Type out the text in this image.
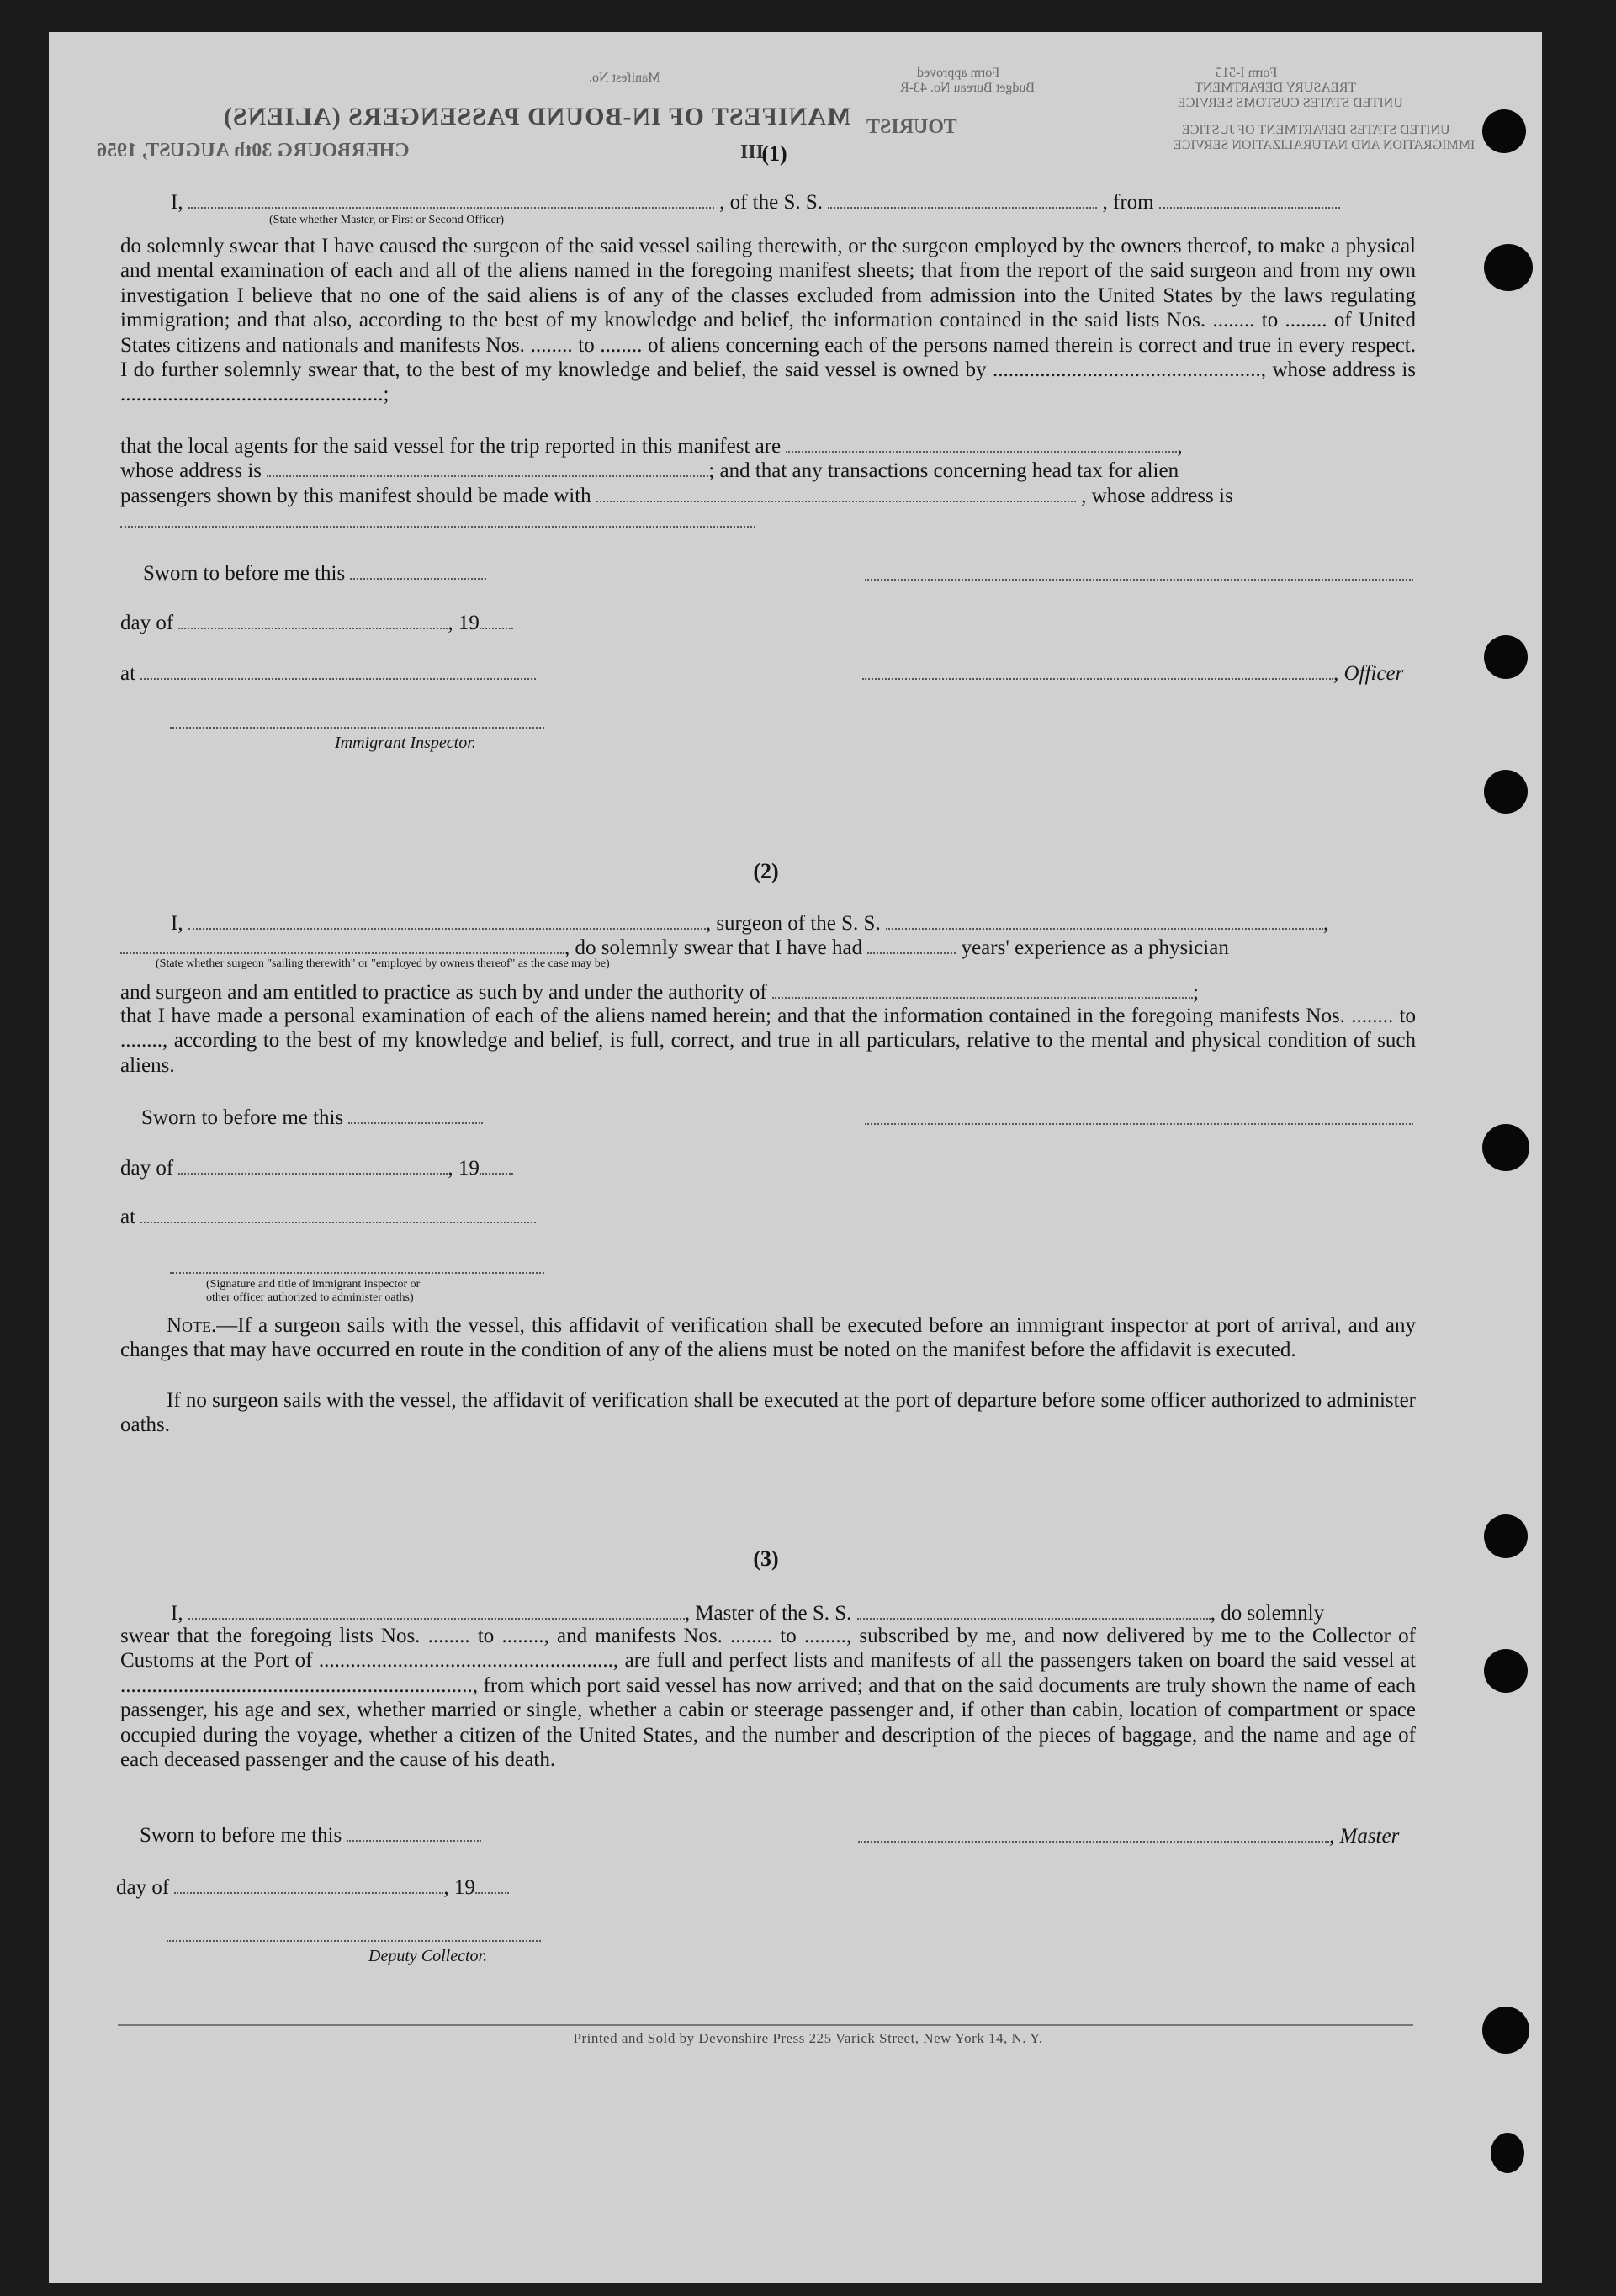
MANIFEST OF IN-BOUND PASSENGERS (ALIENS)
CHERBOURG 30th AUGUST, 1956
Manifest No.
TOURIST
Form approved
Budget Bureau No. 43-R
Form I-515
TREASURY DEPARTMENT
UNITED STATES CUSTOMS SERVICE
UNITED STATES DEPARTMENT OF JUSTICE
IMMIGRATION AND NATURALIZATION SERVICE
III
(1)
I,	, of the S. S.	, from
(State whether Master, or First or Second Officer)
do solemnly swear that I have caused the surgeon of the said vessel sailing therewith, or the surgeon employed by the owners thereof, to make a physical and mental examination of each and all of the aliens named in the foregoing manifest sheets; that from the report of the said surgeon and from my own investigation I believe that no one of the said aliens is of any of the classes excluded from admission into the United States by the laws regulating immigration; and that also, according to the best of my knowledge and belief, the information contained in the said lists Nos. ........ to ........ of United States citizens and nationals and manifests Nos. ........ to ........ of aliens concerning each of the persons named therein is correct and true in every respect. I do further solemnly swear that, to the best of my knowledge and belief, the said vessel is owned by ..................................................., whose address is ..................................................;
that the local agents for the said vessel for the trip reported in this manifest are	,
whose address is	; and that any transactions concerning head tax for alien
passengers shown by this manifest should be made with	, whose address is
Sworn to before me this
day of	, 19
at	, Officer
Immigrant Inspector.
(2)
I,	, surgeon of the S. S.	,
, do solemnly swear that I have had	years' experience as a physician
(State whether surgeon "sailing therewith" or "employed by owners thereof" as the case may be)
and surgeon and am entitled to practice as such by and under the authority of	;
that I have made a personal examination of each of the aliens named herein; and that the information contained in the foregoing manifests Nos. ........ to ........, according to the best of my knowledge and belief, is full, correct, and true in all particulars, relative to the mental and physical condition of such aliens.
Sworn to before me this
day of	, 19
at
(Signature and title of immigrant inspector or
other officer authorized to administer oaths)
Note.—If a surgeon sails with the vessel, this affidavit of verification shall be executed before an immigrant inspector at port of arrival, and any changes that may have occurred en route in the condition of any of the aliens must be noted on the manifest before the affidavit is executed.
If no surgeon sails with the vessel, the affidavit of verification shall be executed at the port of departure before some officer authorized to administer oaths.
(3)
I,	, Master of the S. S.	, do solemnly
swear that the foregoing lists Nos. ........ to ........, and manifests Nos. ........ to ........, subscribed by me, and now delivered by me to the Collector of Customs at the Port of ........................................................, are full and perfect lists and manifests of all the passengers taken on board the said vessel at ..................................................................., from which port said vessel has now arrived; and that on the said documents are truly shown the name of each passenger, his age and sex, whether married or single, whether a cabin or steerage passenger and, if other than cabin, location of compartment or space occupied during the voyage, whether a citizen of the United States, and the number and description of the pieces of baggage, and the name and age of each deceased passenger and the cause of his death.
Sworn to before me this	, Master
day of	, 19
Deputy Collector.
Printed and Sold by Devonshire Press 225 Varick Street, New York 14, N. Y.
